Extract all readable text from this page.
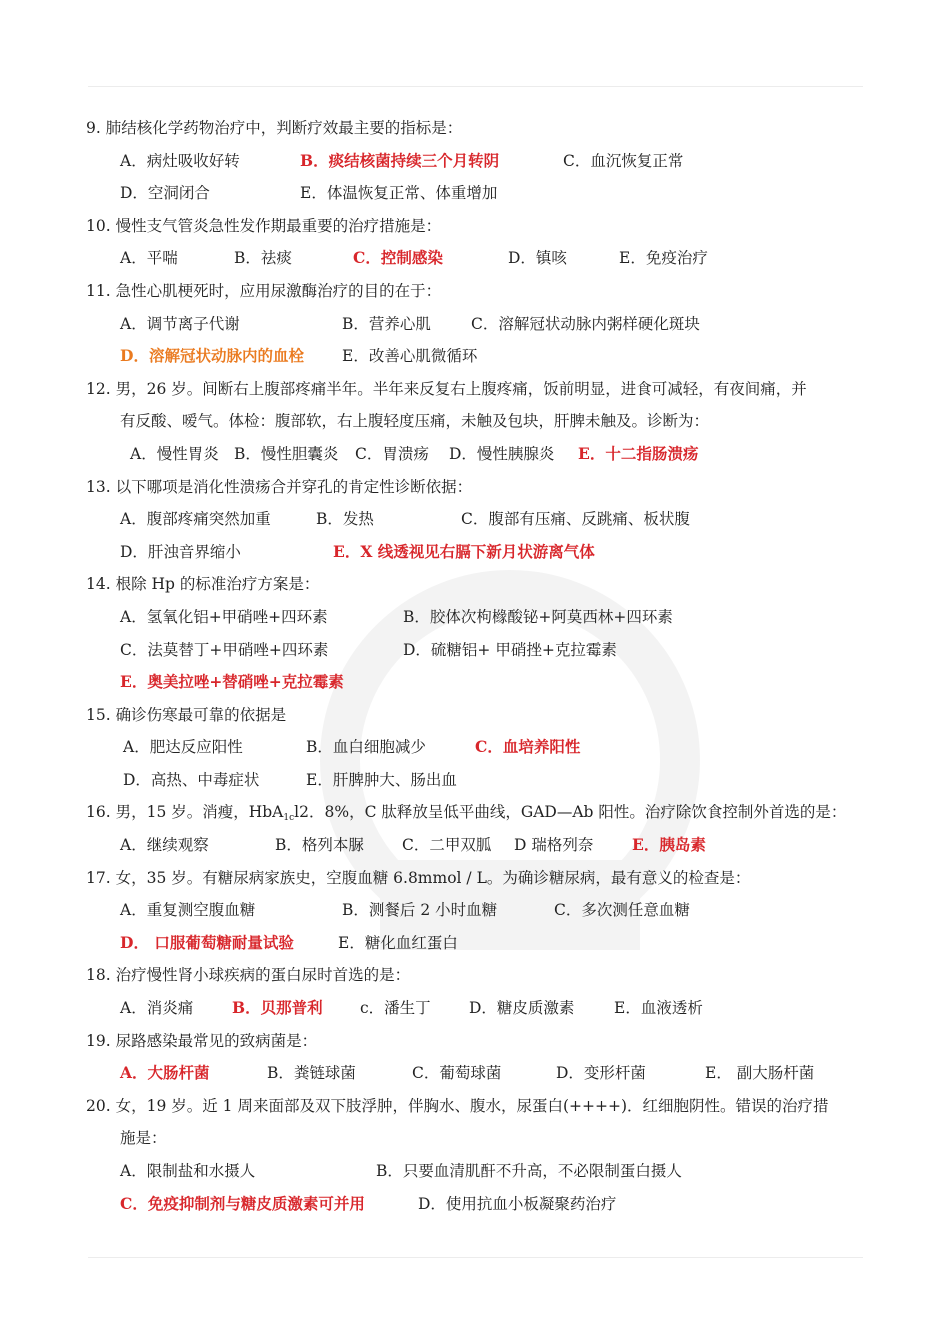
9. 肺结核化学药物治疗中，判断疗效最主要的指标是：
A．病灶吸收好转	B．痰结核菌持续三个月转阴	C．血沉恢复正常
D．空洞闭合	E．体温恢复正常、体重增加
10. 慢性支气管炎急性发作期最重要的治疗措施是：
A．平喘	B．祛痰	C．控制感染	D．镇咳	E．免疫治疗
11. 急性心肌梗死时，应用尿激酶治疗的目的在于：
A．调节离子代谢	B．营养心肌	C．溶解冠状动脉内粥样硬化斑块
D．溶解冠状动脉内的血栓 E．改善心肌微循环
12. 男，26 岁。间断右上腹部疼痛半年。半年来反复右上腹疼痛，饭前明显，进食可减轻，有夜间痛，并
有反酸、嗳气。体检：腹部软，右上腹轻度压痛，未触及包块，肝脾未触及。诊断为：
A．慢性胃炎 B．慢性胆囊炎 C．胃溃疡 D．慢性胰腺炎 E．十二指肠溃疡
13. 以下哪项是消化性溃疡合并穿孔的肯定性诊断依据：
A．腹部疼痛突然加重	B．发热	C．腹部有压痛、反跳痛、板状腹
D．肝浊音界缩小	E．X 线透视见右膈下新月状游离气体
14. 根除 Hp 的标准治疗方案是：
A．氢氧化铝+甲硝唑+四环素	B．胶体次枸橼酸铋+阿莫西林+四环素
C．法莫替丁+甲硝唑+四环素	D．硫糖铝+ 甲硝挫+克拉霉素
E．奥美拉唑+替硝唑+克拉霉素
15. 确诊伤寒最可靠的依据是
A．肥达反应阳性	B．血白细胞减少	C．血培养阳性
D．高热、中毒症状	E．肝脾肿大、肠出血
16. 男，15 岁。消瘦，HbA$_{1c}$l2．8%，C 肽释放呈低平曲线，GAD—Ab 阳性。治疗除饮食控制外首选的是：
A．继续观察	B．格列本脲 C．二甲双胍 D 瑞格列奈 E．胰岛素
17. 女，35 岁。有糖尿病家族史，空腹血糖 6.8mmol / L。为确诊糖尿病，最有意义的检查是：
A．重复测空腹血糖	B．测餐后 2 小时血糖	C．多次测任意血糖
D． 口服葡萄糖耐量试验	E．糖化血红蛋白
18. 治疗慢性肾小球疾病的蛋白尿时首选的是：
A．消炎痛	B．贝那普利 c．潘生丁 D．糖皮质激素	E．血液透析
19. 尿路感染最常见的致病菌是：
A．大肠杆菌	B．粪链球菌	C．葡萄球菌	D．变形杆菌	E． 副大肠杆菌
20. 女，19 岁。近 1 周来面部及双下肢浮肿，伴胸水、腹水，尿蛋白(++++)．红细胞阴性。错误的治疗措
施是：
A．限制盐和水摄人	B．只要血清肌酐不升高，不必限制蛋白摄人
C．免疫抑制剂与糖皮质激素可并用	D．使用抗血小板凝聚药治疗
